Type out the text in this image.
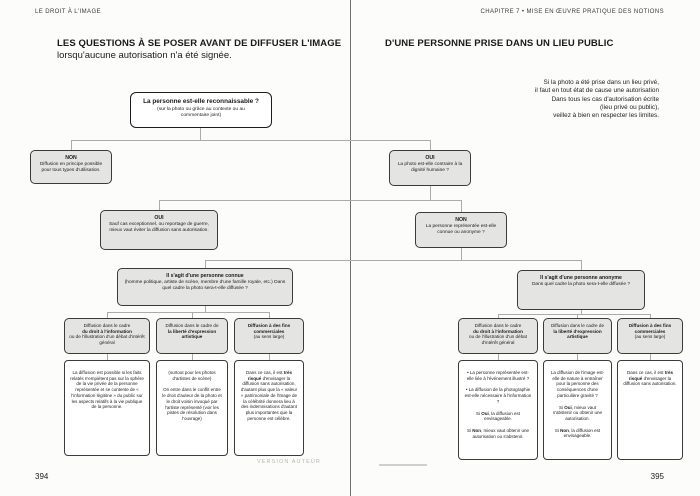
LE DROIT À L'IMAGE	CHAPITRE 7 • MISE EN ŒUVRE PRATIQUE DES NOTIONS
LES QUESTIONS À SE POSER AVANT DE DIFFUSER L'IMAGE
lorsqu'aucune autorisation n'a été signée.
D'UNE PERSONNE PRISE DANS UN LIEU PUBLIC
Si la photo a été prise dans un lieu privé,
il faut en tout état de cause une autorisation
Dans tous les cas d'autorisation écrite
(lieu privé ou public),
veillez à bien en respecter les limites.
La personne est-elle reconnaissable ?
(sur la photo ou grâce au contexte ou au commentaire joint)
NON
Diffusion en principe possible pour tous types d'utilisation.
OUI
La photo est-elle contraire à la dignité humaine ?
OUI
Sauf cas exceptionnel, ou reportage de guerre, mieux vaut éviter la diffusion sans autorisation.
NON
La personne représentée est-elle connue ou anonyme ?
Il s'agit d'une personne connue
(homme politique, artiste de scène, membre d'une famille royale, etc.) Dans quel cadre la photo sera-t-elle diffusée ?
Il s'agit d'une personne anonyme
Dans quel cadre la photo sera-t-elle diffusée ?
Diffusion dans le cadre
du droit à l'information
ou de l'illustration d'un débat d'intérêt général
Diffusion dans le cadre de
la liberté d'expression artistique
Diffusion à des fins commerciales
(au sens large)

La diffusion est possible si les faits relatés n'empiètent pas sur la sphère de la vie privée de la personne représentée et se contente de « l'information légitime » du public sur les aspects relatifs à la vie publique de la personne.

(surtout pour les photos d'artistes de scène)

On entre dans le conflit entre le droit d'auteur de la photo et le droit voisin invoqué par l'artiste représenté (voir les pistes de résolution dans l'ouvrage)

Dans ce cas, il est très risqué d'envisager la diffusion sans autorisation, d'autant plus que la « valeur » patrimoniale de l'image de la célébrité donnera lieu à des indemnisations d'autant plus importantes que la personne est célèbre.

Diffusion dans le cadre
du droit à l'information
ou de l'illustration d'un débat d'intérêt général
Diffusion dans le cadre de
la liberté d'expression artistique
Diffusion à des fins commerciales
(au sens large)

• La personne représentée est-elle liée à l'événement illustré ?

• La diffusion de la photographie est-elle nécessaire à l'information ?

Si Oui, la diffusion est envisageable.

Si Non, mieux vaut obtenir une autorisation ou s'abstenir.

La diffusion de l'image est-elle de nature à entraîner pour la personne des conséquences d'une particulière gravité ?

Si Oui, mieux vaut s'abstenir ou obtenir une autorisation.

Si Non, la diffusion est envisageable.

Dans ce cas, il est très risqué d'envisager la diffusion sans autorisation.

VERSION AUTEUR
394	395
